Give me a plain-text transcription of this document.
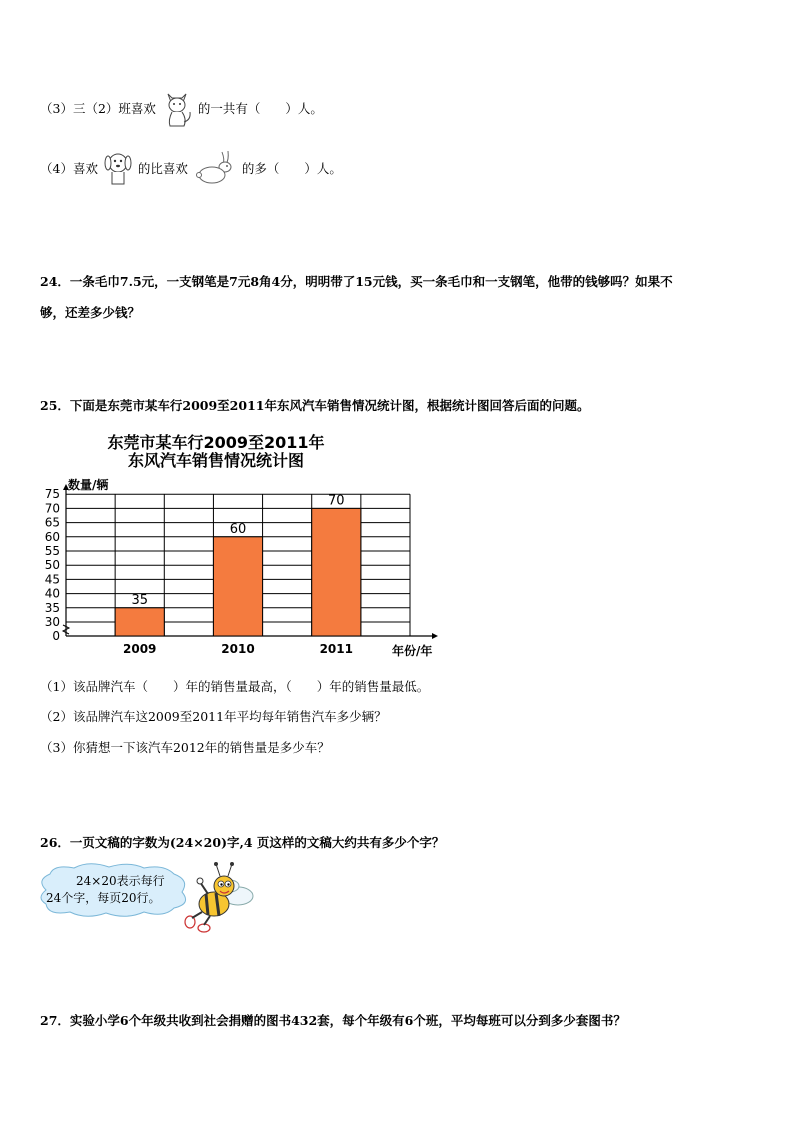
（3）三（2）班喜欢	的一共有（　　）人。
（4）喜欢	的比喜欢	的多（　　）人。
24．一条毛巾7.5元，一支钢笔是7元8角4分，明明带了15元钱，买一条毛巾和一支钢笔，他带的钱够吗？如果不
够，还差多少钱？
25．下面是东莞市某车行2009至2011年东风汽车销售情况统计图，根据统计图回答后面的问题。
东莞市某车行2009至2011年
东风汽车销售情况统计图
数量/辆
年份/年
75
70
65
60
55
50
45
40
35
30
0
35
2009
60
2010
70
2011
（1）该品牌汽车（　　）年的销售量最高，（　　）年的销售量最低。
（2）该品牌汽车这2009至2011年平均每年销售汽车多少辆？
（3）你猜想一下该汽车2012年的销售量是多少车？
26．一页文稿的字数为(24×20)字,4 页这样的文稿大约共有多少个字？
24×20表示每行
24个字，每页20行。
27．实验小学6个年级共收到社会捐赠的图书432套，每个年级有6个班，平均每班可以分到多少套图书？
